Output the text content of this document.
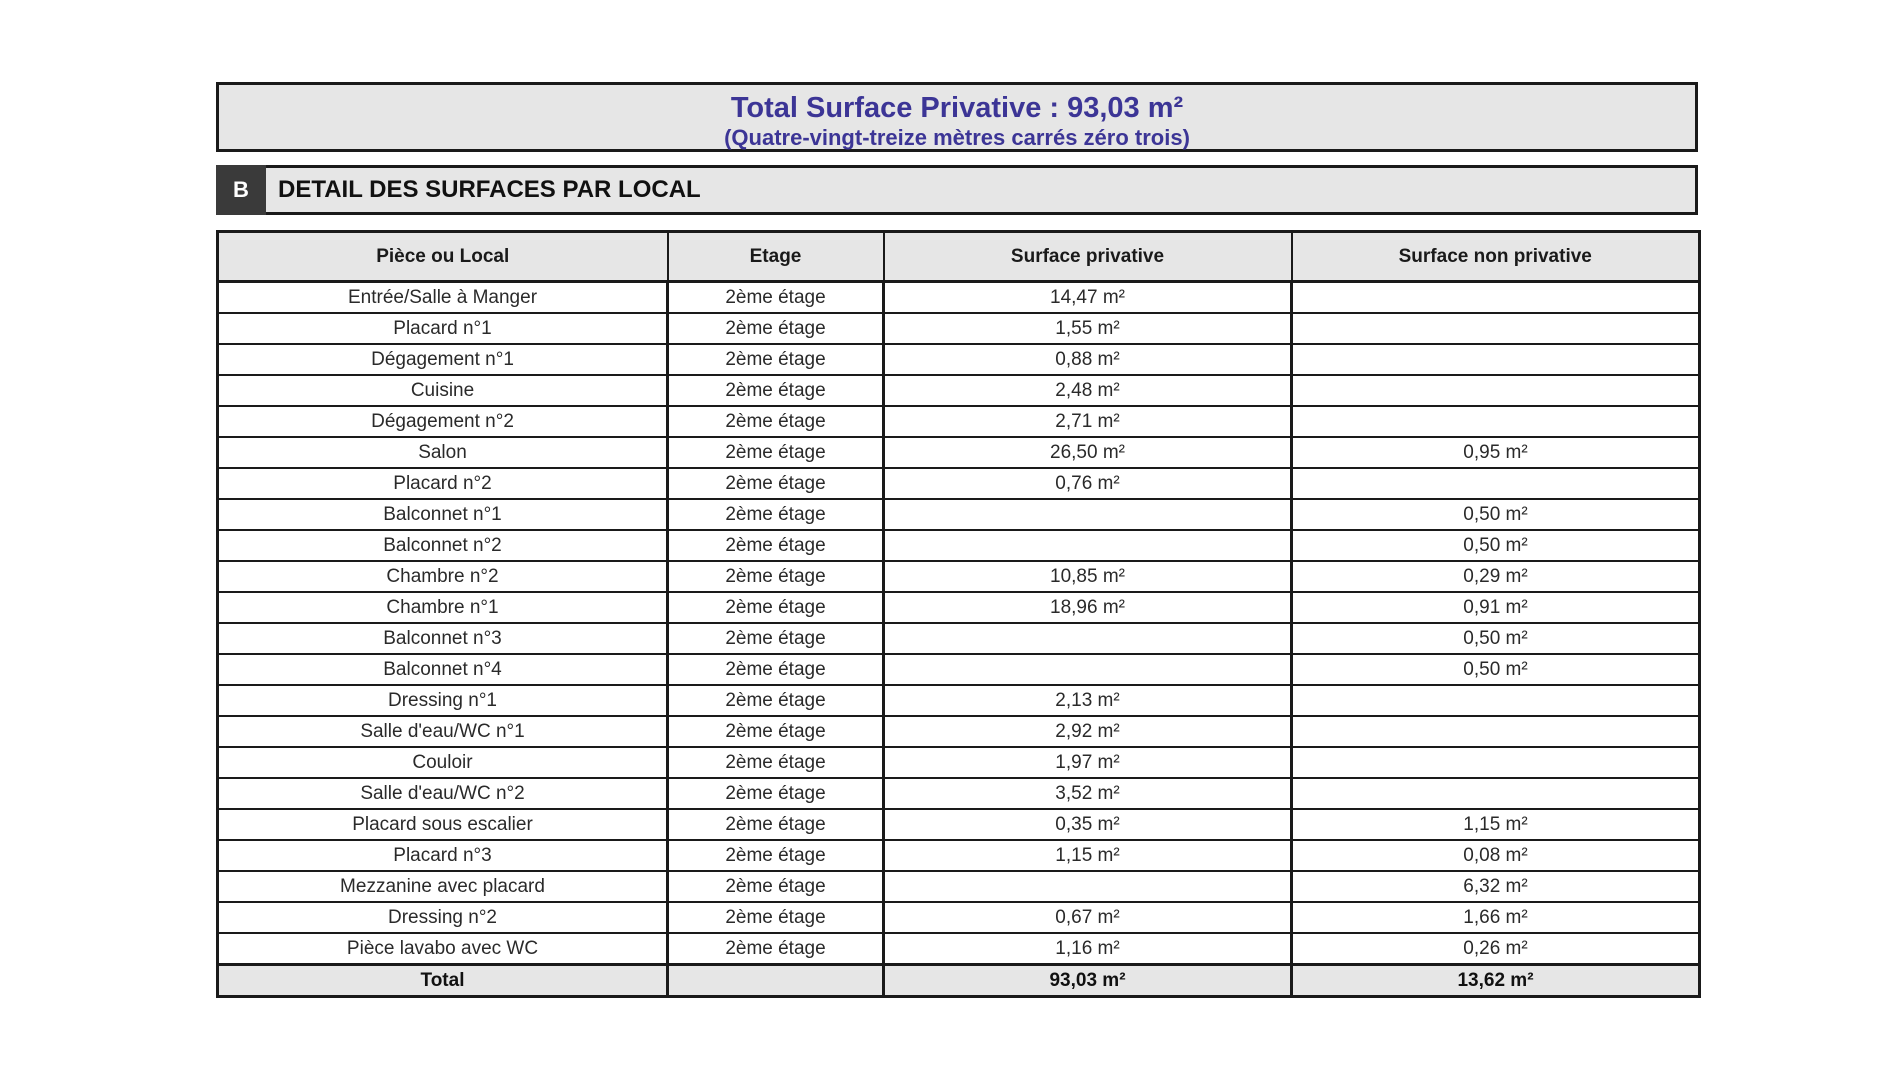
Total Surface Privative : 93,03 m²
(Quatre-vingt-treize mètres carrés zéro trois)
B	DETAIL DES SURFACES PAR LOCAL
Pièce ou Local	Etage	Surface privative	Surface non privative
Entrée/Salle à Manger	2ème étage	14,47 m²	
Placard n°1	2ème étage	1,55 m²	
Dégagement n°1	2ème étage	0,88 m²	
Cuisine	2ème étage	2,48 m²	
Dégagement n°2	2ème étage	2,71 m²	
Salon	2ème étage	26,50 m²	0,95 m²
Placard n°2	2ème étage	0,76 m²	
Balconnet n°1	2ème étage		0,50 m²
Balconnet n°2	2ème étage		0,50 m²
Chambre n°2	2ème étage	10,85 m²	0,29 m²
Chambre n°1	2ème étage	18,96 m²	0,91 m²
Balconnet n°3	2ème étage		0,50 m²
Balconnet n°4	2ème étage		0,50 m²
Dressing n°1	2ème étage	2,13 m²	
Salle d'eau/WC n°1	2ème étage	2,92 m²	
Couloir	2ème étage	1,97 m²	
Salle d'eau/WC n°2	2ème étage	3,52 m²	
Placard sous escalier	2ème étage	0,35 m²	1,15 m²
Placard n°3	2ème étage	1,15 m²	0,08 m²
Mezzanine avec placard	2ème étage		6,32 m²
Dressing n°2	2ème étage	0,67 m²	1,66 m²
Pièce lavabo avec WC	2ème étage	1,16 m²	0,26 m²
Total		93,03 m²	13,62 m²
